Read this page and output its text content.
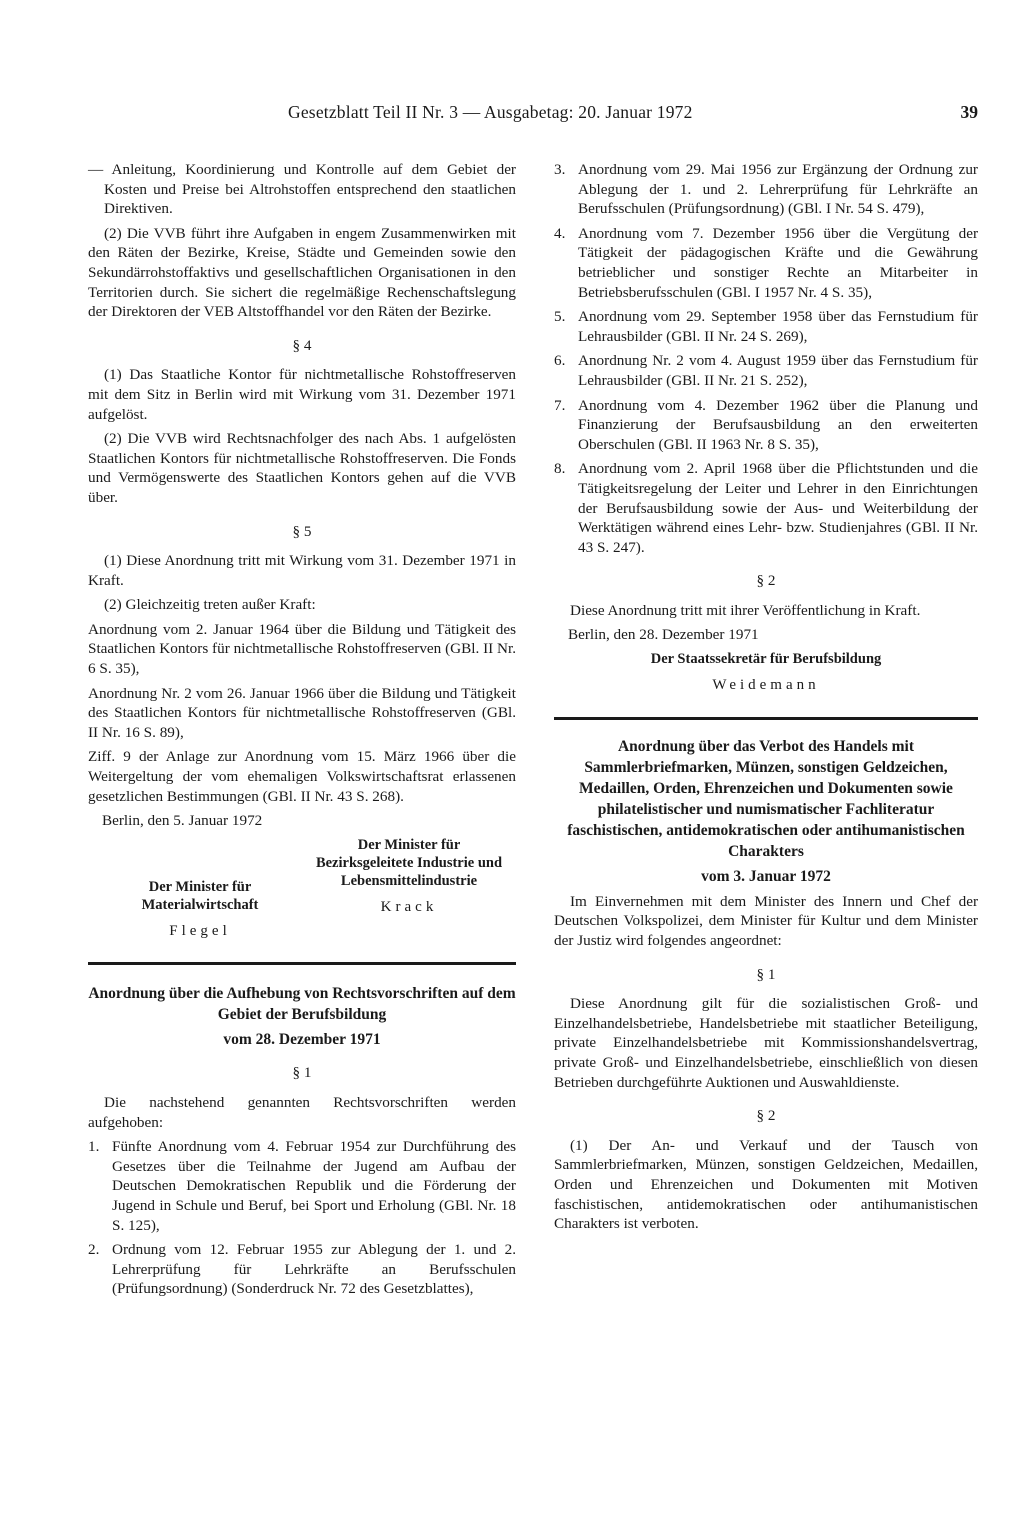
Gesetzblatt Teil II Nr. 3 — Ausgabetag: 20. Januar 1972	39

— Anleitung, Koordinierung und Kontrolle auf dem Gebiet der Kosten und Preise bei Altrohstoffen entsprechend den staatlichen Direktiven.

(2) Die VVB führt ihre Aufgaben in engem Zusammenwirken mit den Räten der Bezirke, Kreise, Städte und Gemeinden sowie den Sekundärrohstoffaktivs und gesellschaftlichen Organisationen in den Territorien durch. Sie sichert die regelmäßige Rechenschaftslegung der Direktoren der VEB Altstoffhandel vor den Räten der Bezirke.

§ 4

(1) Das Staatliche Kontor für nichtmetallische Rohstoffreserven mit dem Sitz in Berlin wird mit Wirkung vom 31. Dezember 1971 aufgelöst.

(2) Die VVB wird Rechtsnachfolger des nach Abs. 1 aufgelösten Staatlichen Kontors für nichtmetallische Rohstoffreserven. Die Fonds und Vermögenswerte des Staatlichen Kontors gehen auf die VVB über.

§ 5

(1) Diese Anordnung tritt mit Wirkung vom 31. Dezember 1971 in Kraft.

(2) Gleichzeitig treten außer Kraft:

Anordnung vom 2. Januar 1964 über die Bildung und Tätigkeit des Staatlichen Kontors für nichtmetallische Rohstoffreserven (GBl. II Nr. 6 S. 35),

Anordnung Nr. 2 vom 26. Januar 1966 über die Bildung und Tätigkeit des Staatlichen Kontors für nichtmetallische Rohstoffreserven (GBl. II Nr. 16 S. 89),

Ziff. 9 der Anlage zur Anordnung vom 15. März 1966 über die Weitergeltung der vom ehemaligen Volkswirtschaftsrat erlassenen gesetzlichen Bestimmungen (GBl. II Nr. 43 S. 268).

Berlin, den 5. Januar 1972

Der Minister für Materialwirtschaft
Flegel
Der Minister für Bezirksgeleitete Industrie und Lebensmittelindustrie
Krack

Anordnung über die Aufhebung von Rechtsvorschriften auf dem Gebiet der Berufsbildung

vom 28. Dezember 1971

§ 1

Die nachstehend genannten Rechtsvorschriften werden aufgehoben:

1. Fünfte Anordnung vom 4. Februar 1954 zur Durchführung des Gesetzes über die Teilnahme der Jugend am Aufbau der Deutschen Demokratischen Republik und die Förderung der Jugend in Schule und Beruf, bei Sport und Erholung (GBl. Nr. 18 S. 125),
2. Ordnung vom 12. Februar 1955 zur Ablegung der 1. und 2. Lehrerprüfung für Lehrkräfte an Berufsschulen (Prüfungsordnung) (Sonderdruck Nr. 72 des Gesetzblattes),
3. Anordnung vom 29. Mai 1956 zur Ergänzung der Ordnung zur Ablegung der 1. und 2. Lehrerprüfung für Lehrkräfte an Berufsschulen (Prüfungsordnung) (GBl. I Nr. 54 S. 479),
4. Anordnung vom 7. Dezember 1956 über die Vergütung der Tätigkeit der pädagogischen Kräfte und die Gewährung betrieblicher und sonstiger Rechte an Mitarbeiter in Betriebsberufsschulen (GBl. I 1957 Nr. 4 S. 35),
5. Anordnung vom 29. September 1958 über das Fernstudium für Lehrausbilder (GBl. II Nr. 24 S. 269),
6. Anordnung Nr. 2 vom 4. August 1959 über das Fernstudium für Lehrausbilder (GBl. II Nr. 21 S. 252),
7. Anordnung vom 4. Dezember 1962 über die Planung und Finanzierung der Berufsausbildung an den erweiterten Oberschulen (GBl. II 1963 Nr. 8 S. 35),
8. Anordnung vom 2. April 1968 über die Pflichtstunden und die Tätigkeitsregelung der Leiter und Lehrer in den Einrichtungen der Berufsausbildung sowie der Aus- und Weiterbildung der Werktätigen während eines Lehr- bzw. Studienjahres (GBl. II Nr. 43 S. 247).

§ 2

Diese Anordnung tritt mit ihrer Veröffentlichung in Kraft.

Berlin, den 28. Dezember 1971

Der Staatssekretär für Berufsbildung
Weidemann

Anordnung über das Verbot des Handels mit Sammlerbriefmarken, Münzen, sonstigen Geldzeichen, Medaillen, Orden, Ehrenzeichen und Dokumenten sowie philatelistischer und numismatischer Fachliteratur faschistischen, antidemokratischen oder antihumanistischen Charakters

vom 3. Januar 1972

Im Einvernehmen mit dem Minister des Innern und Chef der Deutschen Volkspolizei, dem Minister für Kultur und dem Minister der Justiz wird folgendes angeordnet:

§ 1

Diese Anordnung gilt für die sozialistischen Groß- und Einzelhandelsbetriebe, Handelsbetriebe mit staatlicher Beteiligung, private Einzelhandelsbetriebe mit Kommissionshandelsvertrag, private Groß- und Einzelhandelsbetriebe, einschließlich von diesen Betrieben durchgeführte Auktionen und Auswahldienste.

§ 2

(1) Der An- und Verkauf und der Tausch von Sammlerbriefmarken, Münzen, sonstigen Geldzeichen, Medaillen, Orden und Ehrenzeichen und Dokumenten mit Motiven faschistischen, antidemokratischen oder antihumanistischen Charakters ist verboten.
